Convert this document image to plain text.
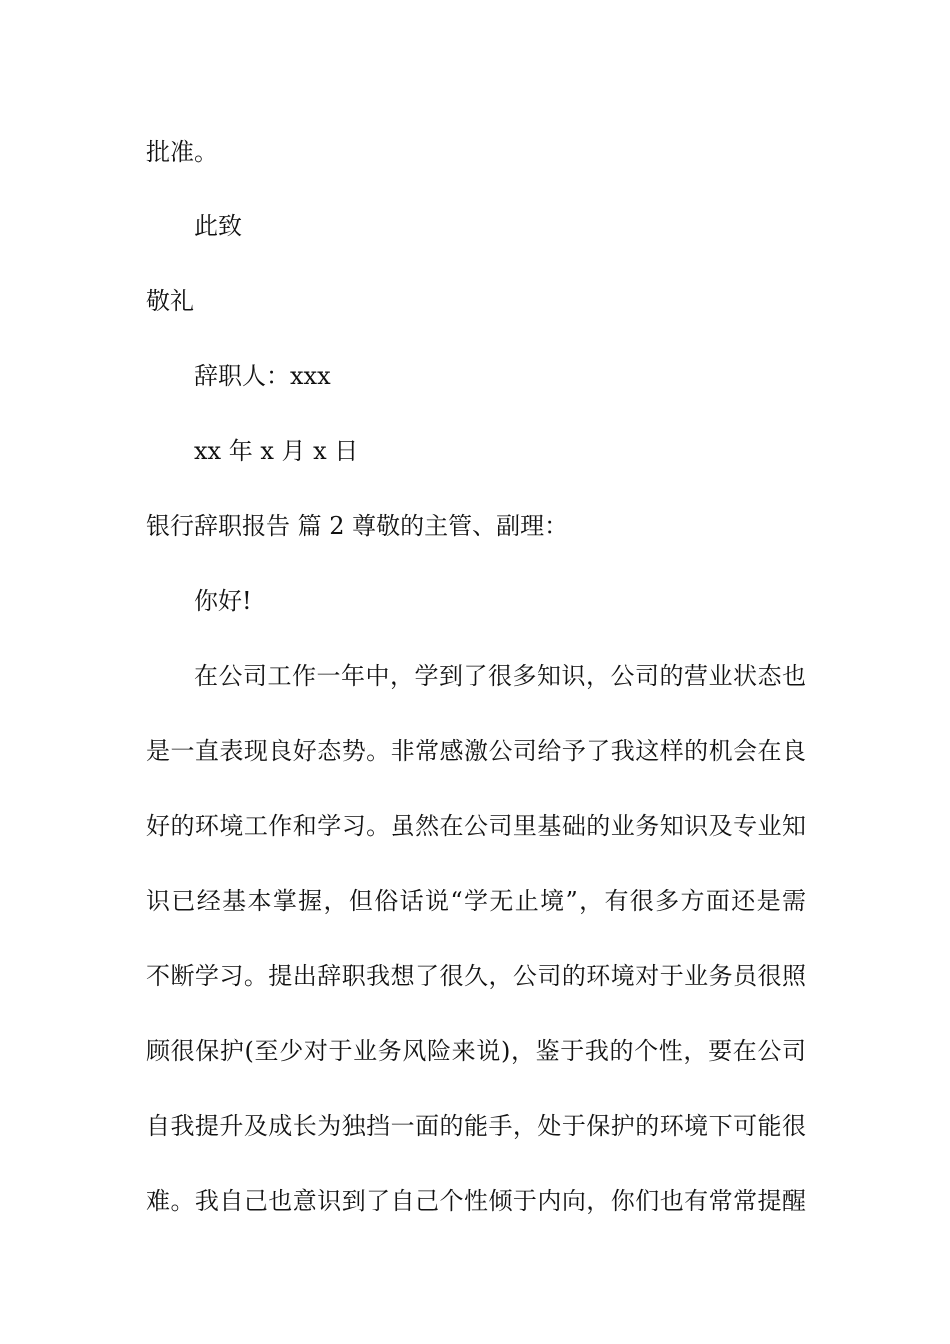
批准。
此致
敬礼
辞职人：xxx
xx 年 x 月 x 日
银行辞职报告 篇 2 尊敬的主管、副理：
你好!
在公司工作一年中，学到了很多知识，公司的营业状态也
是一直表现良好态势。非常感激公司给予了我这样的机会在良
好的环境工作和学习。虽然在公司里基础的业务知识及专业知
识已经基本掌握，但俗话说“学无止境”，有很多方面还是需
不断学习。提出辞职我想了很久，公司的环境对于业务员很照
顾很保护(至少对于业务风险来说)，鉴于我的个性，要在公司
自我提升及成长为独挡一面的能手，处于保护的环境下可能很
难。我自己也意识到了自己个性倾于内向，你们也有常常提醒
